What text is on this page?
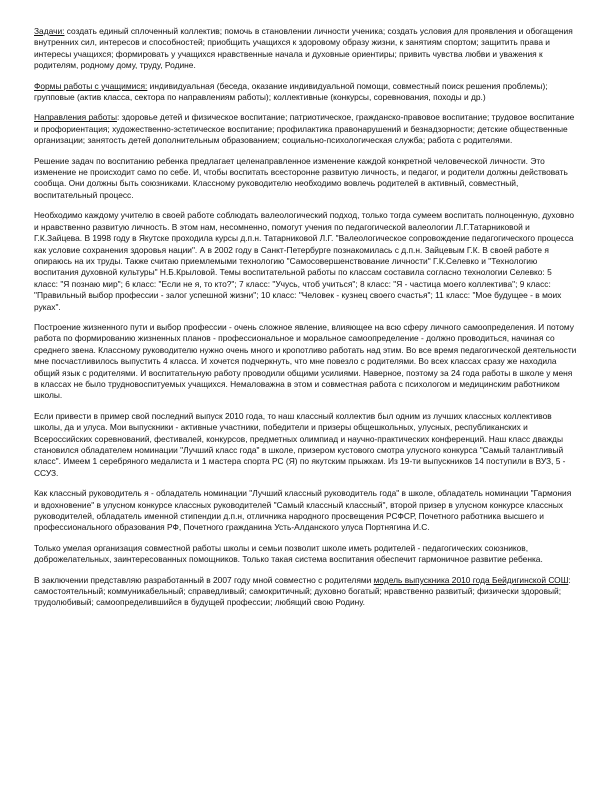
Задачи: создать единый сплоченный коллектив; помочь в становлении личности ученика; создать условия для проявления и обогащения внутренних сил, интересов и способностей; приобщить учащихся к здоровому образу жизни, к занятиям спортом; защитить права и интересы учащихся; формировать у учащихся нравственные начала и духовные ориентиры; привить чувства любви и уважения к родителям, родному дому, труду, Родине.

Формы работы с учащимися: индивидуальная (беседа, оказание индивидуальной помощи, совместный поиск решения проблемы); групповые (актив класса, сектора по направлениям работы); коллективные (конкурсы, соревнования, походы и др.)

Направления работы: здоровье детей и физическое воспитание; патриотическое, гражданско-правовое воспитание; трудовое воспитание и профориентация; художественно-эстетическое воспитание; профилактика правонарушений и безнадзорности; детские общественные организации; занятость детей дополнительным образованием; социально-психологическая служба; работа с родителями.

Решение задач по воспитанию ребенка предлагает целенаправленное изменение каждой конкретной человеческой личности. Это изменение не происходит само по себе. И, чтобы воспитать всесторонне развитую личность, и педагог, и родители должны действовать сообща. Они должны быть союзниками. Классному руководителю необходимо вовлечь родителей в активный, совместный, воспитательный процесс.

Необходимо каждому учителю в своей работе соблюдать валеологический подход, только тогда сумеем воспитать полноценную, духовно и нравственно развитую личность. В этом нам, несомненно, помогут учения по педагогической валеологии Л.Г.Татарниковой и Г.К.Зайцева. В 1998 году в Якутске проходила курсы д.п.н. Татарниковой Л.Г. "Валеологическое сопровождение педагогического процесса как условие сохранения здоровья нации". А в 2002 году в Санкт-Петербурге познакомилась с д.п.н. Зайцевым Г.К. В своей работе я опираюсь на их труды. Также считаю приемлемыми технологию "Самосовершенствование личности" Г.К.Селевко и "Технологию воспитания духовной культуры" Н.Б.Крыловой. Темы воспитательной работы по классам составила согласно технологии Селевко: 5 класс: "Я познаю мир"; 6 класс: "Если не я, то кто?"; 7 класс: "Учусь, чтоб учиться"; 8 класс: "Я - частица моего коллектива"; 9 класс: "Правильный выбор профессии - залог успешной жизни"; 10 класс: "Человек - кузнец своего счастья"; 11 класс: "Мое будущее - в моих руках".

Построение жизненного пути и выбор профессии - очень сложное явление, влияющее на всю сферу личного самоопределения. И потому работа по формированию жизненных планов - профессиональное и моральное самоопределение - должно проводиться, начиная со среднего звена. Классному руководителю нужно очень много и кропотливо работать над этим. Во все время педагогической деятельности мне посчастливилось выпустить 4 класса. И хочется подчеркнуть, что мне повезло с родителями. Во всех классах сразу же находила общий язык с родителями. И воспитательную работу проводили общими усилиями. Наверное, поэтому за 24 года работы в школе у меня в классах не было трудновоспитуемых учащихся. Немаловажна в этом и совместная работа с психологом и медицинским работником школы.

Если привести в пример свой последний выпуск 2010 года, то наш классный коллектив был одним из лучших классных коллективов школы, да и улуса. Мои выпускники - активные участники, победители и призеры общешкольных, улусных, республиканских и Всероссийских соревнований, фестивалей, конкурсов, предметных олимпиад и научно-практических конференций. Наш класс дважды становился обладателем номинации "Лучший класс года" в школе, призером кустового смотра улусного конкурса "Самый талантливый класс". Имеем 1 серебряного медалиста и 1 мастера спорта РС (Я) по якутским прыжкам. Из 19-ти выпускников 14 поступили в ВУЗ, 5 - ССУЗ.

Как классный руководитель я - обладатель номинации "Лучший классный руководитель года" в школе, обладатель номинации "Гармония и вдохновение" в улусном конкурсе классных руководителей "Самый классный классный", второй призер в улусном конкурсе классных руководителей, обладатель именной стипендии д.п.н, отличника народного просвещения РСФСР, Почетного работника высшего и профессионального образования РФ, Почетного гражданина Усть-Алданского улуса Портнягина И.С.

Только умелая организация совместной работы школы и семьи позволит школе иметь родителей - педагогических союзников, доброжелательных, заинтересованных помощников. Только такая система воспитания обеспечит гармоничное развитие ребенка.

В заключении представляю разработанный в 2007 году мной совместно с родителями модель выпускника 2010 года Бейдигинской СОШ: самостоятельный; коммуникабельный; справедливый; самокритичный; духовно богатый; нравственно развитый; физически здоровый; трудолюбивый; самоопределившийся в будущей профессии; любящий свою Родину.
